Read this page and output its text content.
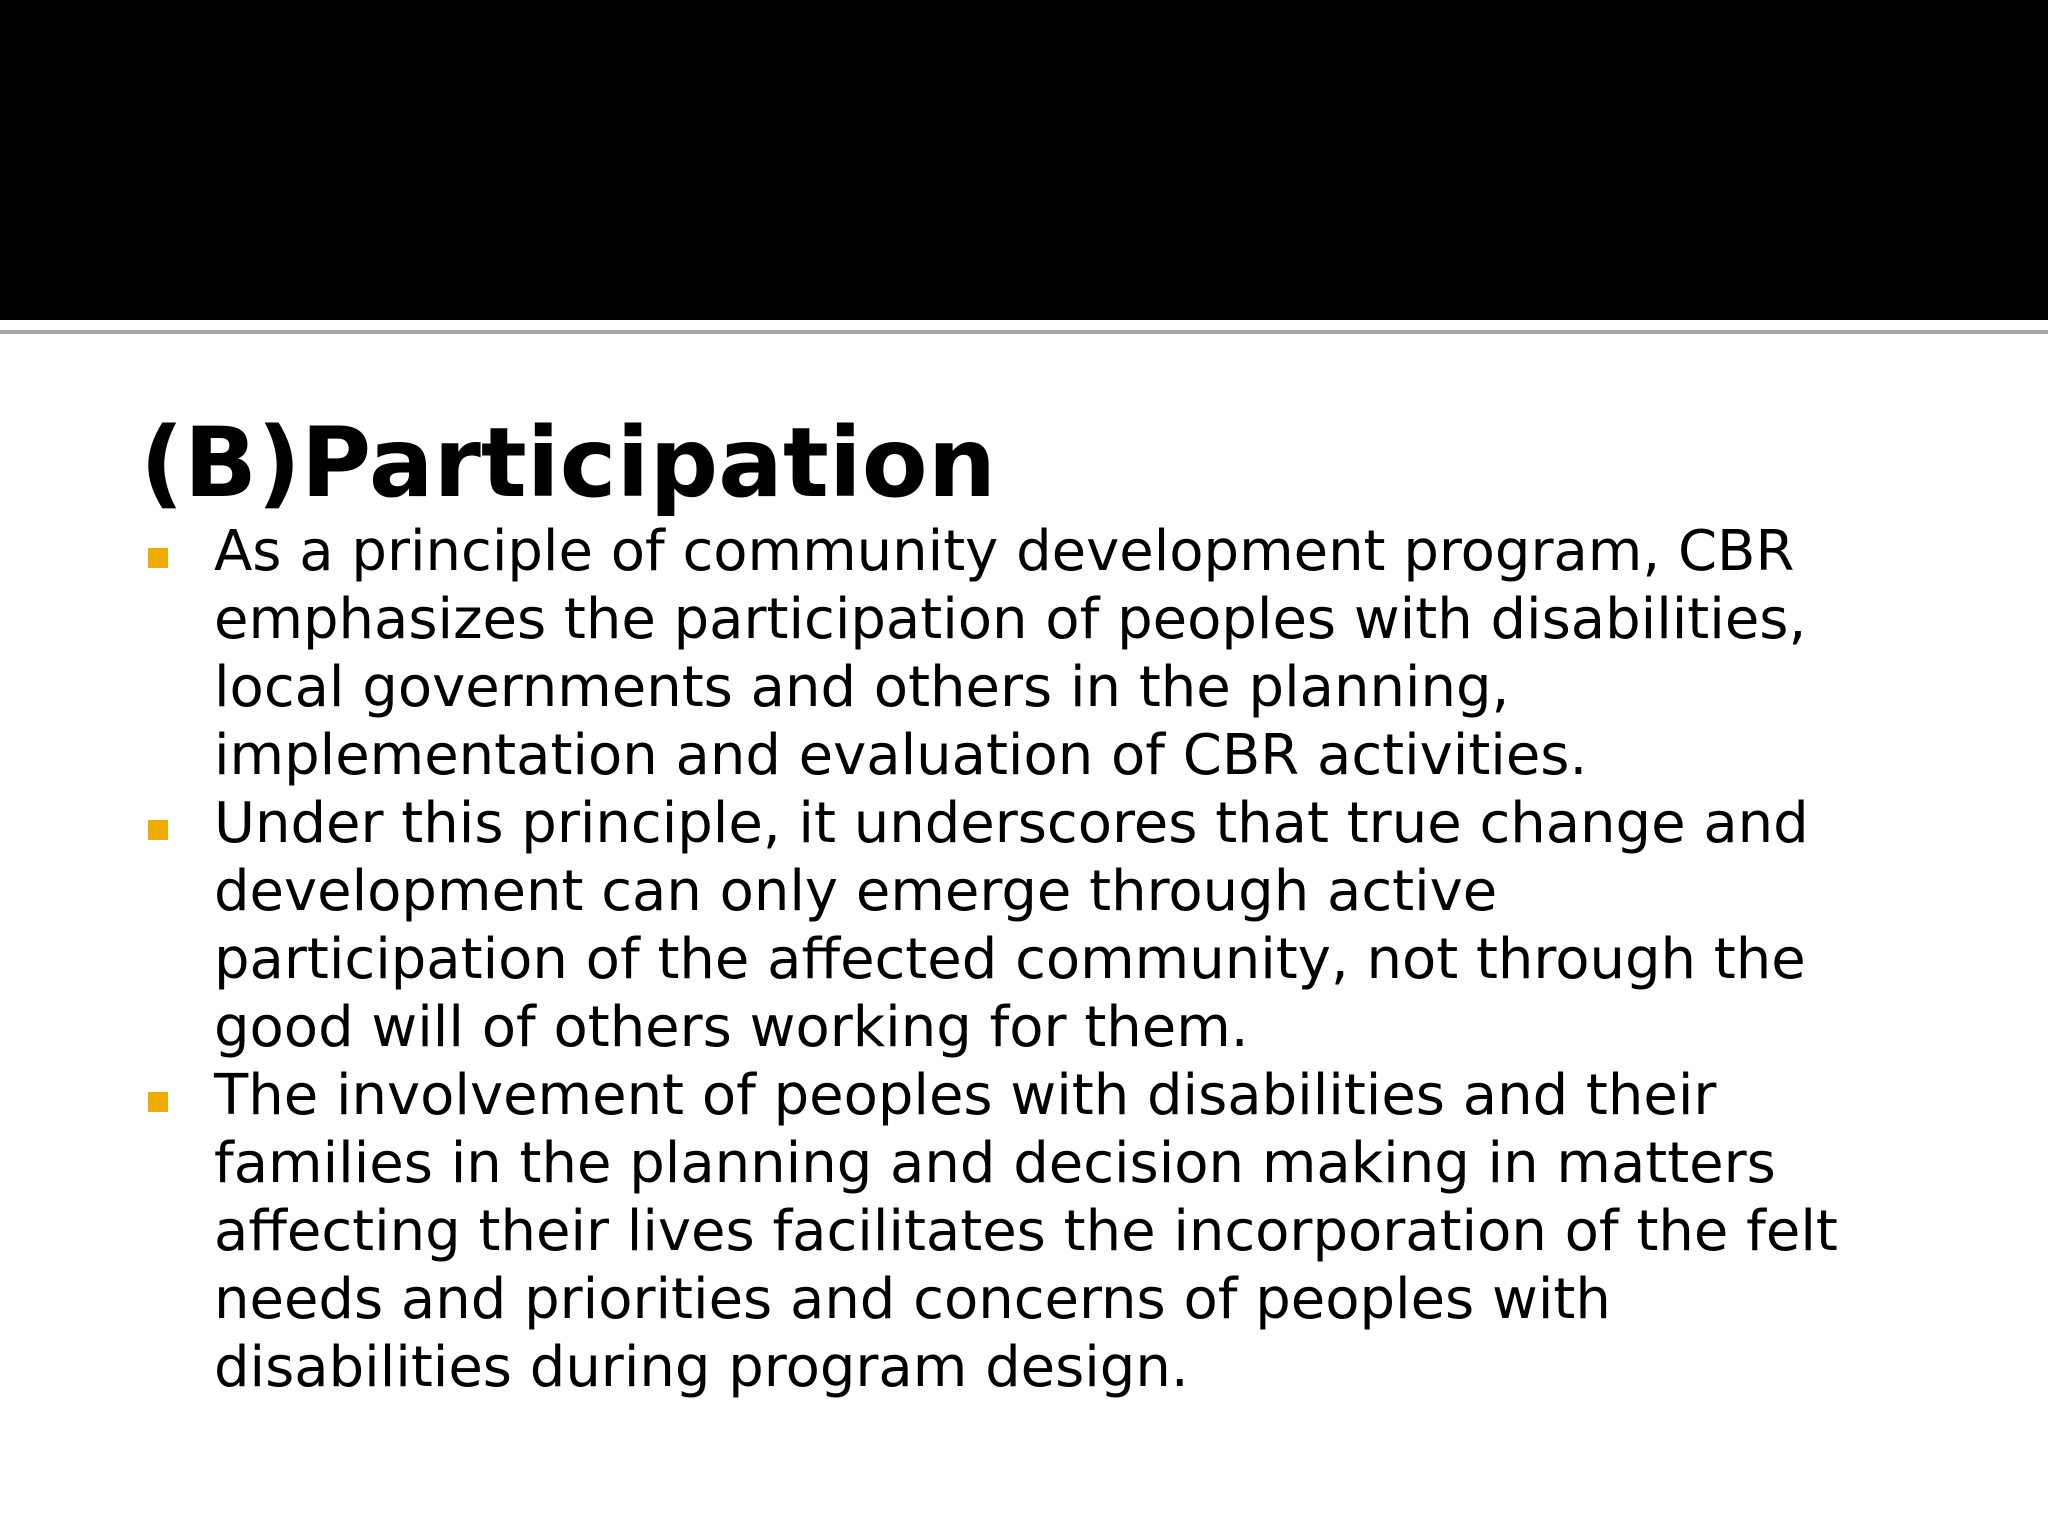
(B)Participation
As a principle of community development program, CBR
emphasizes the participation of peoples with disabilities,
local governments and others in the planning,
implementation and evaluation of CBR activities.
Under this principle, it underscores that true change and
development can only emerge through active
participation of the affected community, not through the
good will of others working for them.
The involvement of peoples with disabilities and their
families in the planning and decision making in matters
affecting their lives facilitates the incorporation of the felt
needs and priorities and concerns of peoples with
disabilities during program design.
